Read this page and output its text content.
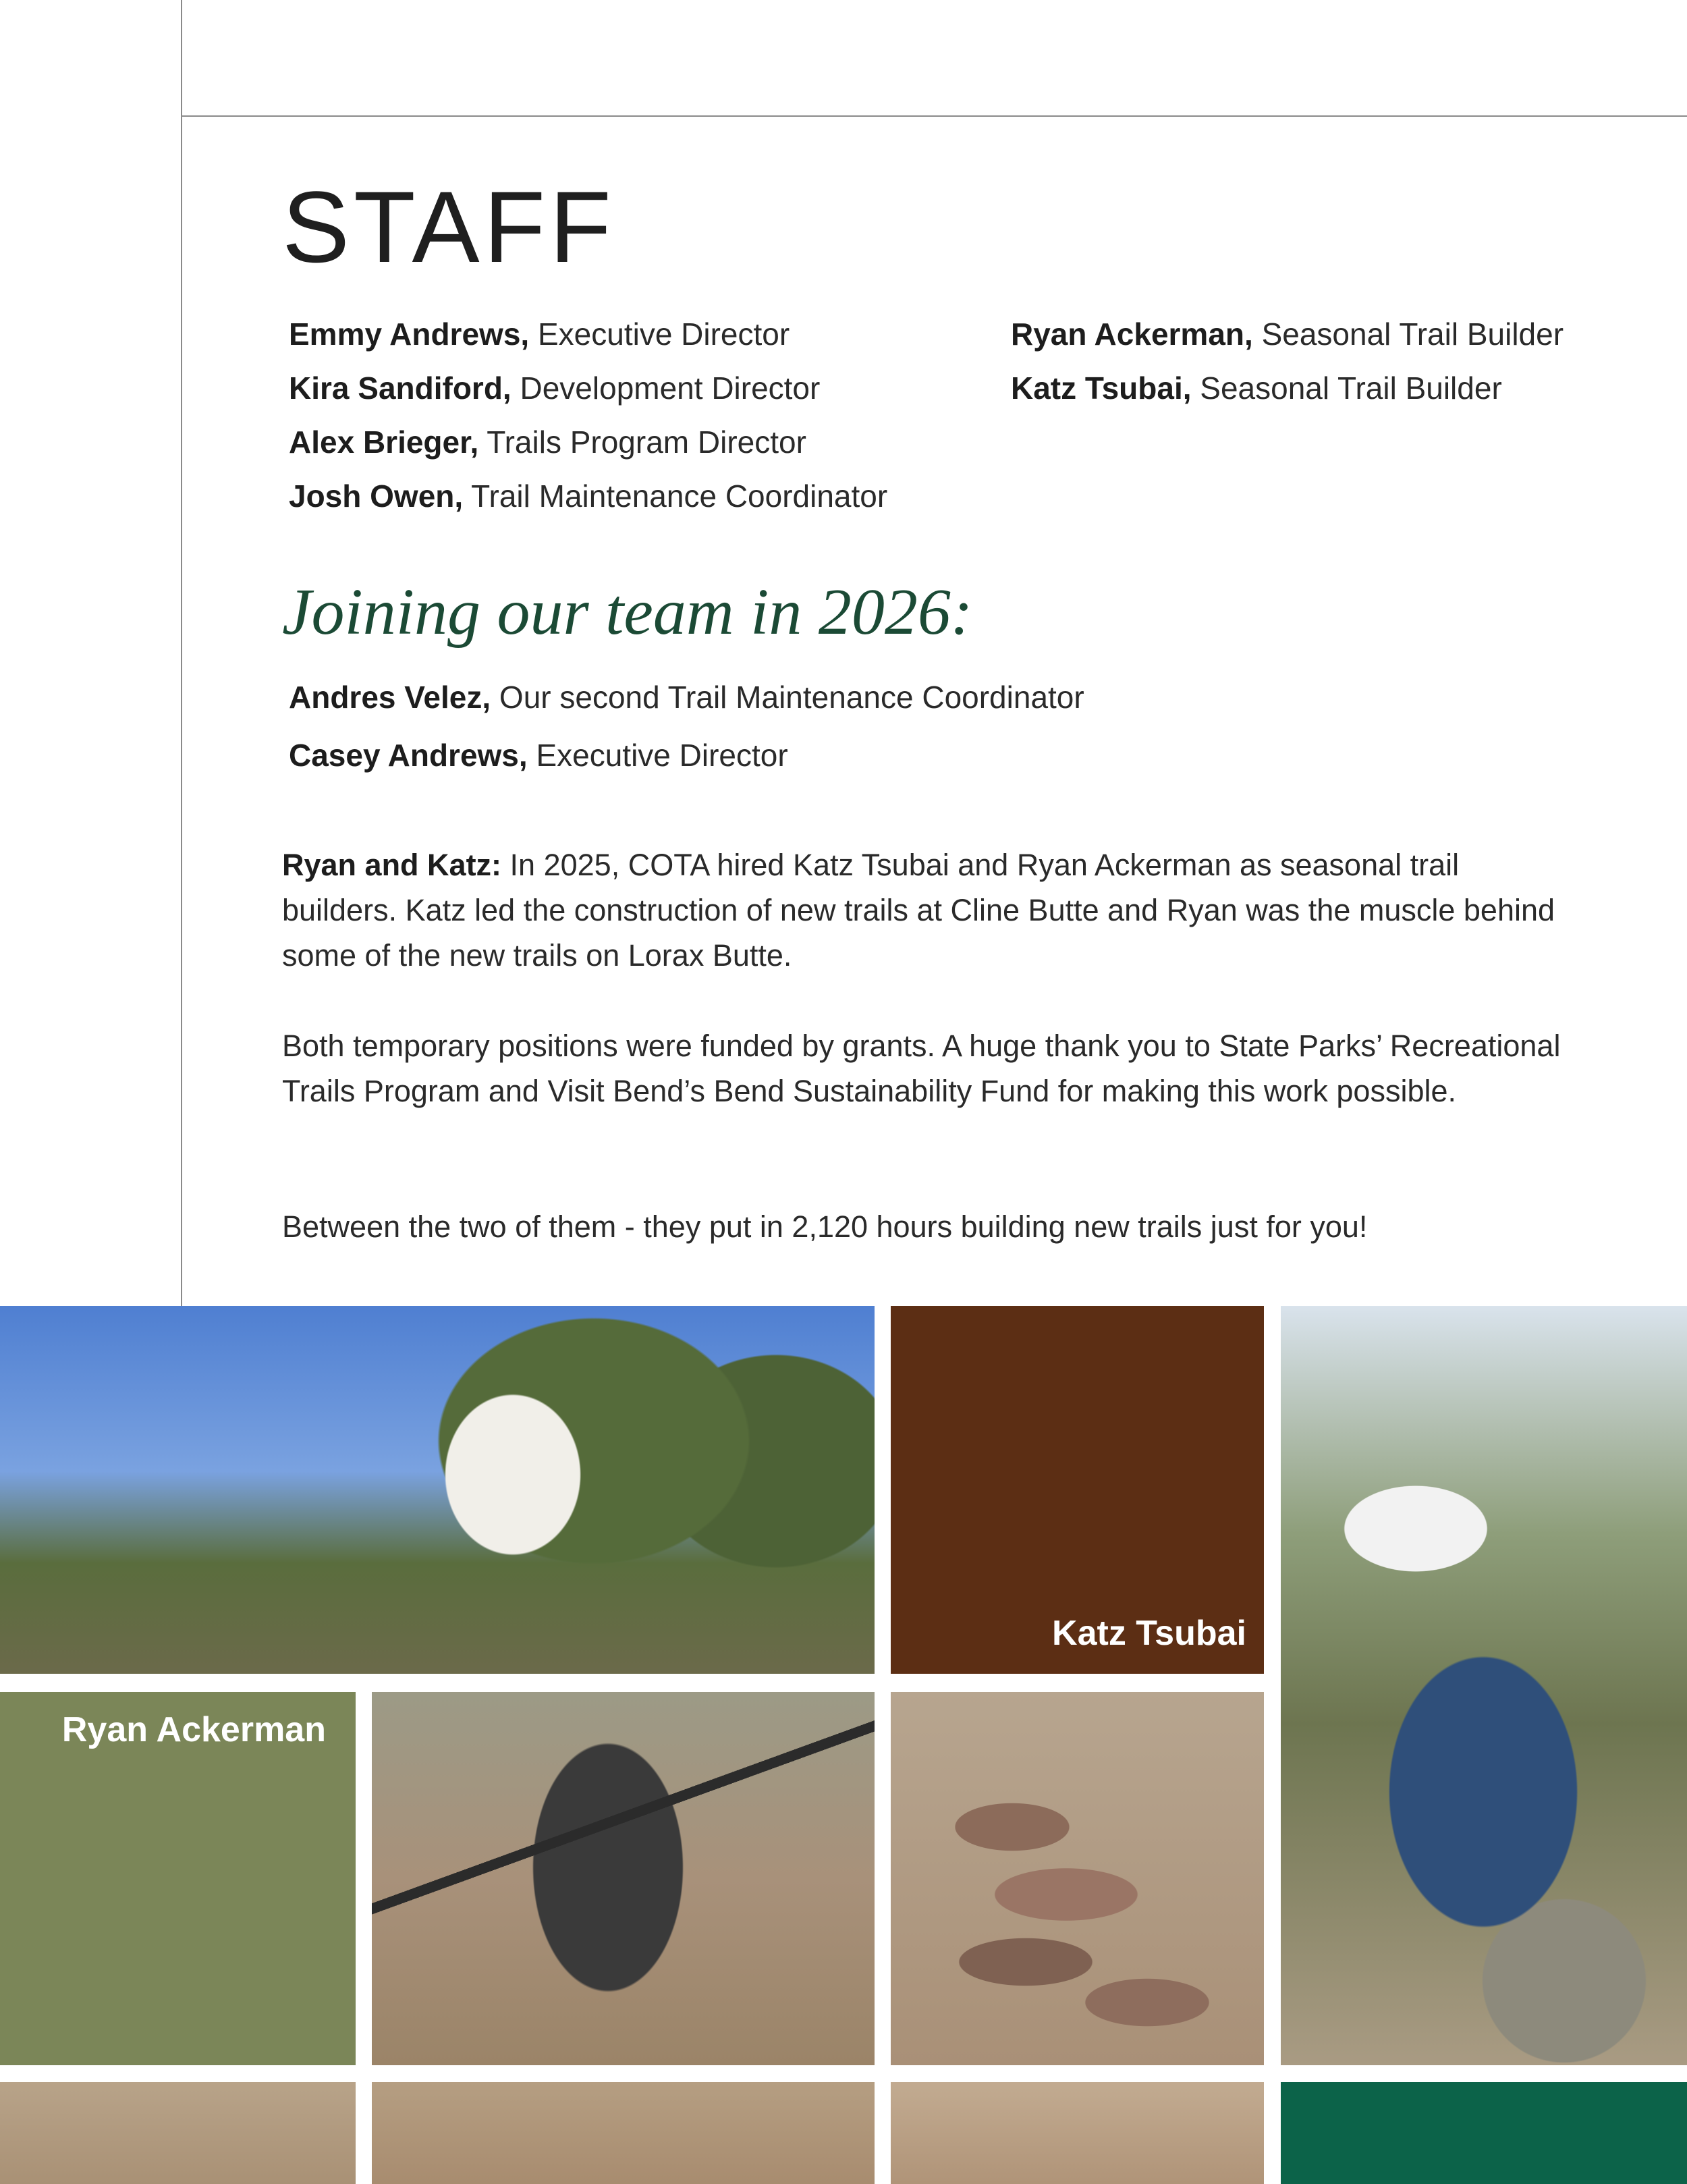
STAFF
Emmy Andrews, Executive Director
Kira Sandiford, Development Director
Alex Brieger, Trails Program Director
Josh Owen, Trail Maintenance Coordinator
Ryan Ackerman, Seasonal Trail Builder
Katz Tsubai, Seasonal Trail Builder
Joining our team in 2026:
Andres Velez, Our second Trail Maintenance Coordinator
Casey Andrews, Executive Director

Ryan and Katz: In 2025, COTA hired Katz Tsubai and Ryan Ackerman as seasonal trail builders. Katz led the construction of new trails at Cline Butte and Ryan was the muscle behind some of the new trails on Lorax Butte.

Both temporary positions were funded by grants. A huge thank you to State Parks’ Recreational Trails Program and Visit Bend’s Bend Sustainability Fund for making this work possible.

Between the two of them - they put in 2,120 hours building new trails just for you!

Katz Tsubai
Ryan Ackerman
